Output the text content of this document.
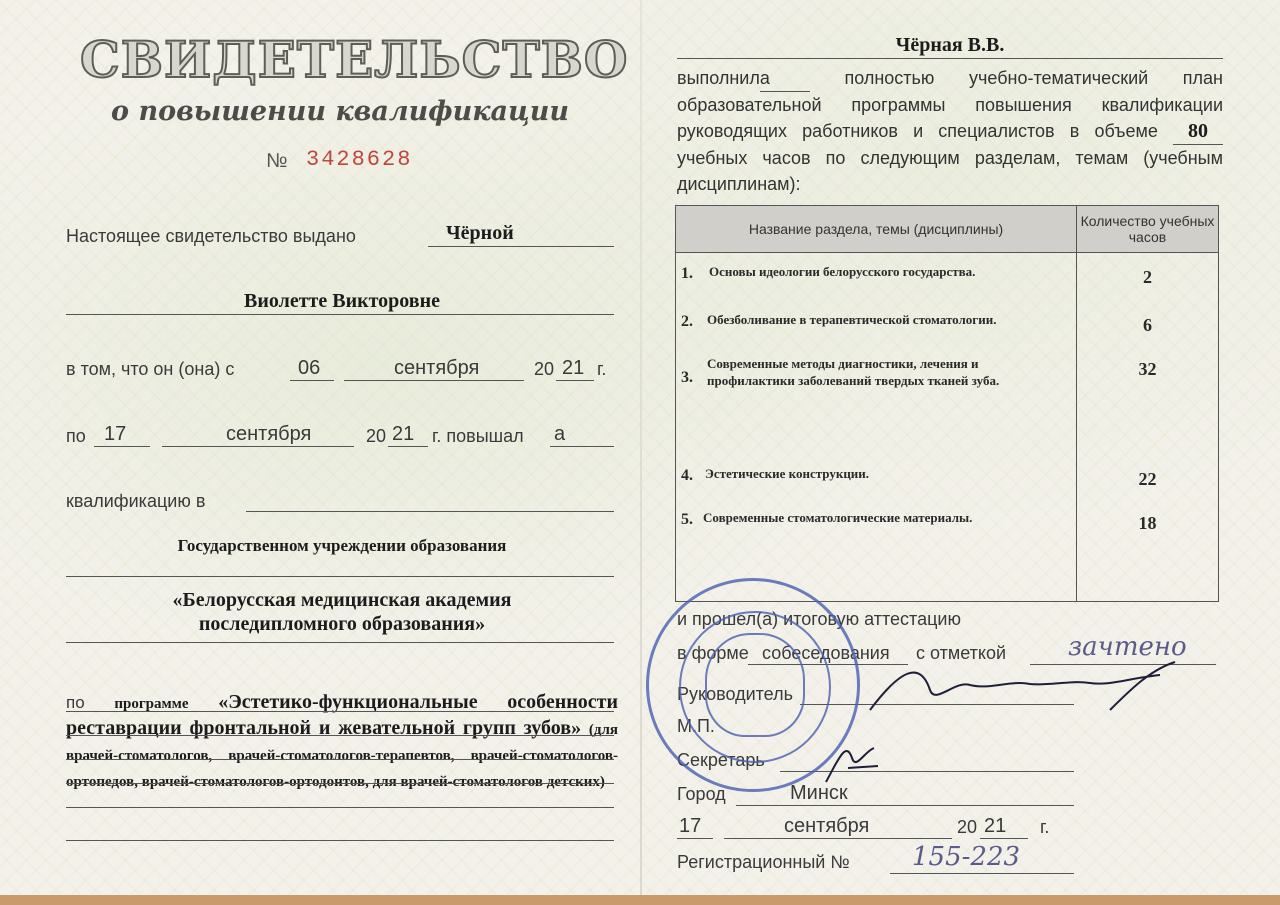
СВИДЕТЕЛЬСТВО
о повышении квалификации
№ 3428628
Настоящее свидетельство выдано	Чёрной
Виолетте Викторовне
в том, что он (она) с	06	сентября	20 21 г.
по 17	сентября	20 21 г. повышал а
квалификацию в
Государственном учреждении образования
«Белорусская медицинская академия
последипломного образования»
по программе «Эстетико-функциональные особенности реставрации фронтальной и жевательной групп зубов» (для врачей-стоматологов, врачей-стоматологов-терапевтов, врачей-стоматологов-ортопедов, врачей-стоматологов-ортодонтов, для врачей-стоматологов детских)
Чёрная В.В.
выполнила	полностью учебно-тематический план образовательной программы повышения квалификации руководящих работников и специалистов в объеме 80 учебных часов по следующим разделам, темам (учебным дисциплинам):
Название раздела, темы (дисциплины)	Количество учебных часов

1. Основы идеологии белорусского государства.	2

2. Обезболивание в терапевтической стоматологии.	6

3.
Современные методы диагностики, лечения и профилактики заболеваний твердых тканей зуба.	32

4. Эстетические конструкции.	22

5. Современные стоматологические материалы.	18
и прошел(а) итоговую аттестацию
в форме собеседования с отметкой зачтено
Руководитель
М.П.
Секретарь
Город	Минск
17	сентября	20 21 г.
Регистрационный № 155-223
